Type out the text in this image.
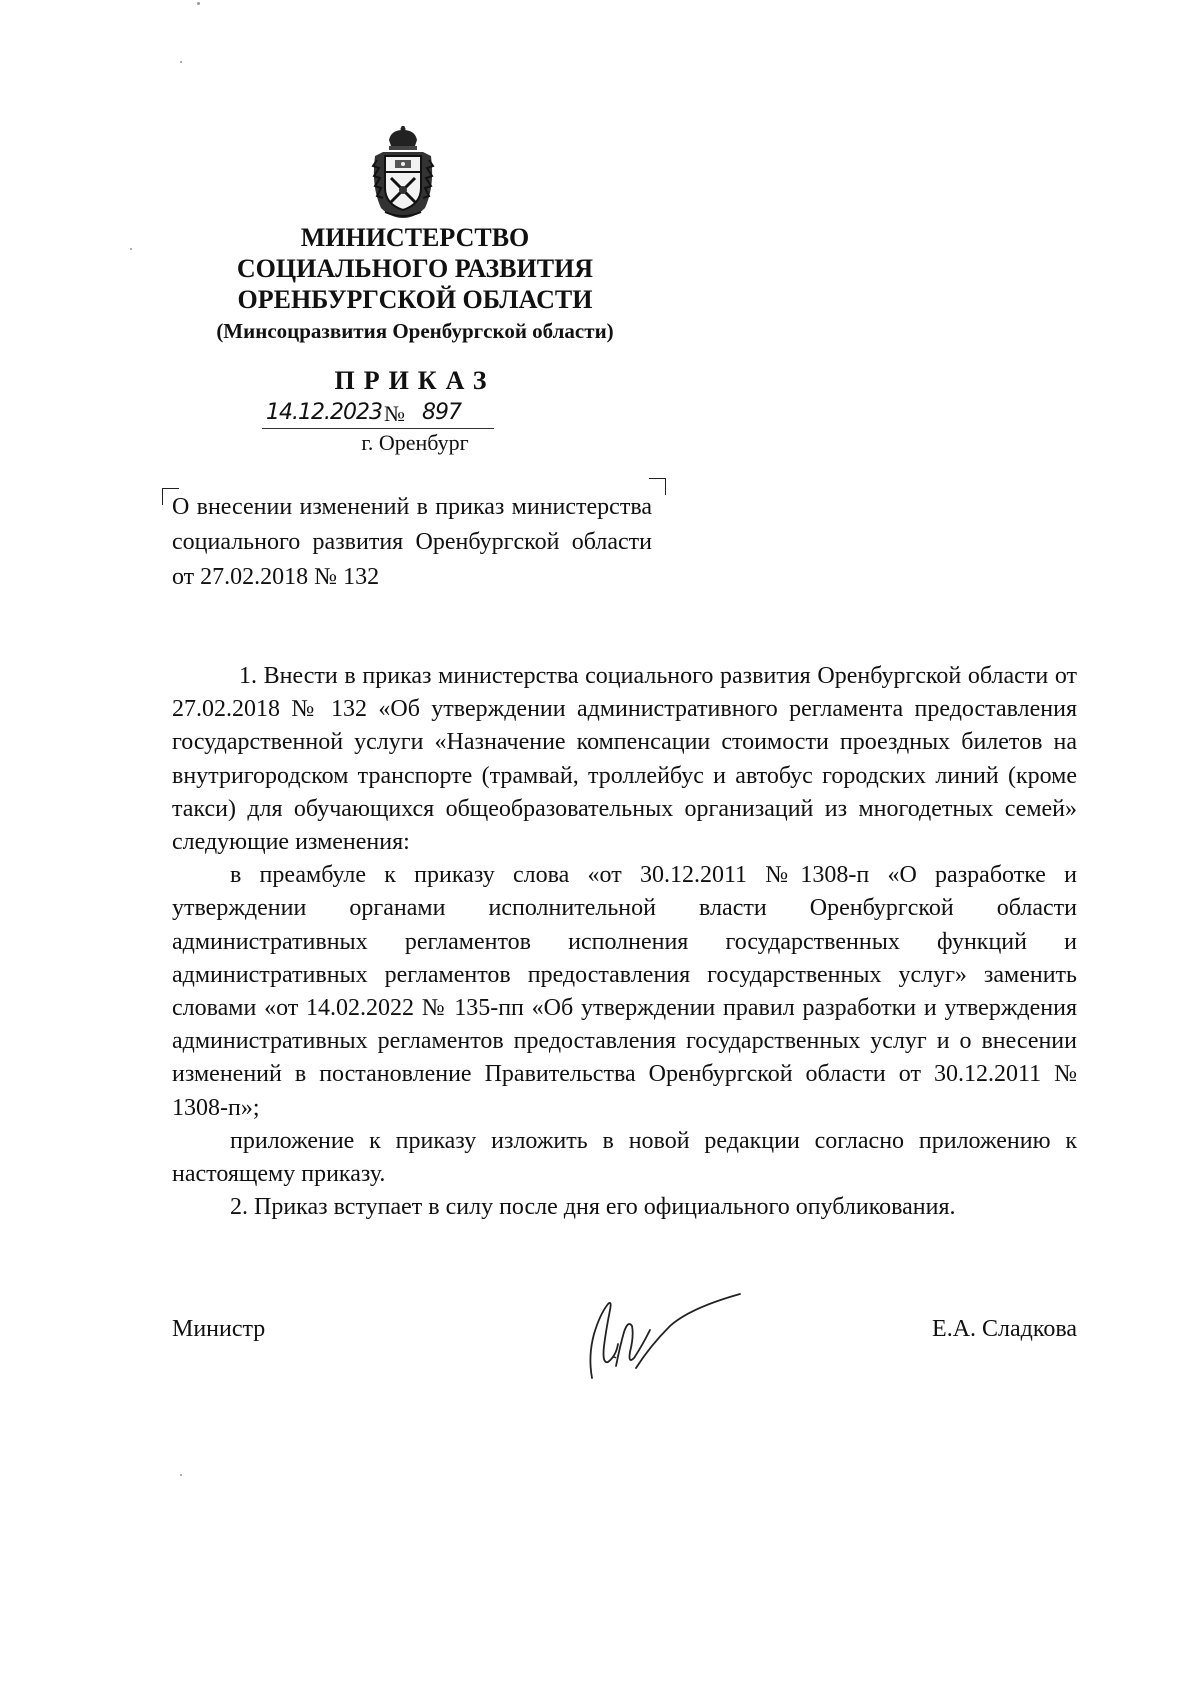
МИНИСТЕРСТВО
СОЦИАЛЬНОГО РАЗВИТИЯ
ОРЕНБУРГСКОЙ ОБЛАСТИ
(Минсоцразвития Оренбургской области)
ПРИКАЗ
14.12.2023 № 897
г. Оренбург
О внесении изменений в приказ министерства социального развития Оренбургской области от 27.02.2018 № 132

1. Внести в приказ министерства социального развития Оренбургской области от 27.02.2018 № 132 «Об утверждении административного регламента предоставления государственной услуги «Назначение компенсации стоимости проездных билетов на внутригородском транспорте (трамвай, троллейбус и автобус городских линий (кроме такси) для обучающихся общеобразовательных организаций из многодетных семей» следующие изменения:

в преамбуле к приказу слова «от 30.12.2011 №1308-п «О разработке и утверждении органами исполнительной власти Оренбургской области административных регламентов исполнения государственных функций и административных регламентов предоставления государственных услуг» заменить словами «от 14.02.2022 № 135-пп «Об утверждении правил разработки и утверждения административных регламентов предоставления государственных услуг и о внесении изменений в постановление Правительства Оренбургской области от 30.12.2011 № 1308-п»;

приложение к приказу изложить в новой редакции согласно приложению к настоящему приказу.

2. Приказ вступает в силу после дня его официального опубликования.

Министр	Е.А. Сладкова
